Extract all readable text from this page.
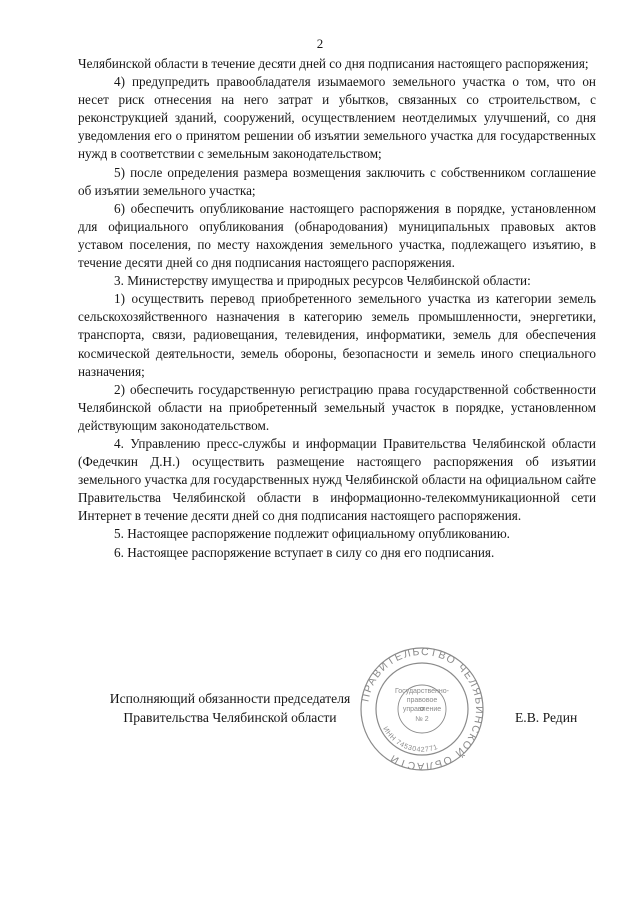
2

Челябинской области в течение десяти дней со дня подписания настоящего распоряжения;

4) предупредить правообладателя изымаемого земельного участка о том, что он несет риск отнесения на него затрат и убытков, связанных со строительством, с реконструкцией зданий, сооружений, осуществлением неотделимых улучшений, со дня уведомления его о принятом решении об изъятии земельного участка для государственных нужд в соответствии с земельным законодательством;

5) после определения размера возмещения заключить с собственником соглашение об изъятии земельного участка;

6) обеспечить опубликование настоящего распоряжения в порядке, установленном для официального опубликования (обнародования) муниципальных правовых актов уставом поселения, по месту нахождения земельного участка, подлежащего изъятию, в течение десяти дней со дня подписания настоящего распоряжения.

3. Министерству имущества и природных ресурсов Челябинской области:

1) осуществить перевод приобретенного земельного участка из категории земель сельскохозяйственного назначения в категорию земель промышленности, энергетики, транспорта, связи, радиовещания, телевидения, информатики, земель для обеспечения космической деятельности, земель обороны, безопасности и земель иного специального назначения;

2) обеспечить государственную регистрацию права государственной собственности Челябинской области на приобретенный земельный участок в порядке, установленном действующим законодательством.

4. Управлению пресс-службы и информации Правительства Челябинской области (Федечкин Д.Н.) осуществить размещение настоящего распоряжения об изъятии земельного участка для государственных нужд Челябинской области на официальном сайте Правительства Челябинской области в информационно-телекоммуникационной сети Интернет в течение десяти дней со дня подписания настоящего распоряжения.

5. Настоящее распоряжение подлежит официальному опубликованию.

6. Настоящее распоряжение вступает в силу со дня его подписания.

Исполняющий обязанности председателя
Правительства Челябинской области
ПРАВИТЕЛЬСТВО ЧЕЛЯБИНСКОЙ ОБЛАСТИ
ИНН 7453042771
Государственно-
правовое
управление
№ 2	Е.В. Редин
